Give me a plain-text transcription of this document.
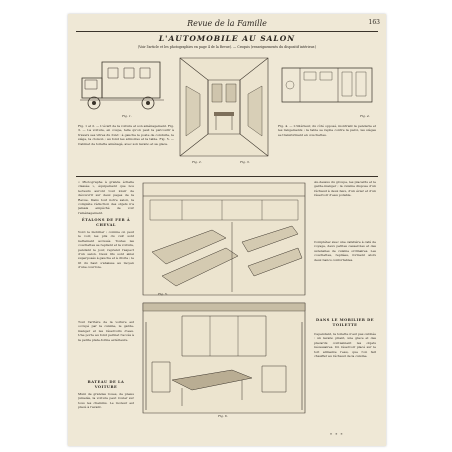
Revue de la Famille	163
L'AUTOMOBILE AU SALON
(Voir l'article et les photographies en page 4 de la Revue). — Croquis (renseignements du dispositif intérieur.)
Fig. 1.
Fig. 2.	Fig. 3.
Fig. 4.
Fig. 1 et 2. — L'écart de la voiture et son aménagement. Fig. 3. — La voiture, en coupe, telle qu'on peut la parcourir à travers ses vitres du fond : à gauche le poste de conduite, le siège, la cloison ; au fond les armoires et la table. Fig. 5. — Cabinet de toilette aménagé, avec son lavabo et sa glace.
Fig. 4. — L'intérieur, du côté opposé, montrant la penderie et les rangements ; la table se replie contre la paroi, les sièges se transforment en couchettes.
« Photographe à grande échelle classée », équipement que nos lecteurs auront tout loisir de découvrir sur deux pages de la Revue. Dans tout notre salon, la complète réduction des objets n'a jamais empêché de voir l'aménagement.
ÉTALONS DE FER À CHEVAL
Voici le mobilier ; comme on peut le voir, les plis du cuir sont nettement accusés. Toutes les couchettes se replient et la voiture, pendant le jour, reprend l'aspect d'un salon. Deux lits sont ainsi superposés à gauche et à droite ; le lit du haut s'abaisse au moyen d'une courroie.
Tout l'arrière de la voiture est occupé par la cuisine, le garde-manger et les réservoirs d'eau. Une porte au fond permet l'accès à la petite plate-forme extérieure.
BATEAU DE LA VOITURE
Muni de grandes roues, de pneus jumelés, la voiture peut rouler sur tous les chemins. Le moteur est placé à l'avant.
Fig. 5.
Fig. 6.
Au-dessus du groupe, les placards et le garde-manger ; la cuisine dispose d'un réchaud à deux feux, d'un évier et d'un réservoir d'eau potable.
Complétez avec une cafetière à café de voyage, deux petites casseroles et des ustensiles de cuisine ordinaires. Les couchettes, repliées, forment alors deux bancs confortables.
DANS LE MOBILIER DE TOILETTE
Cependant, la toilette n'est pas oubliée : un lavabo pliant, une glace et des placards contiennent les objets nécessaires. Un réservoir placé sur le toit alimente l'eau, que l'on fait chauffer au réchaud de la cuisine.
* * *
